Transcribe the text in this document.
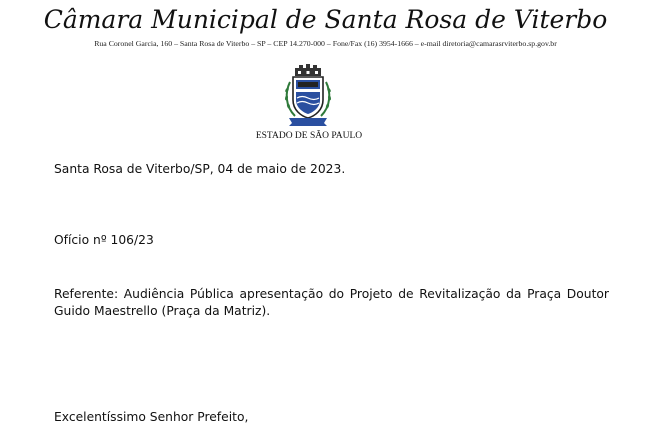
Câmara Municipal de Santa Rosa de Viterbo
Rua Coronel Garcia, 160 – Santa Rosa de Viterbo – SP – CEP 14.270-000 – Fone/Fax (16) 3954-1666 – e-mail diretoria@camarasrviterbo.sp.gov.br
ESTADO DE SÃO PAULO
Santa Rosa de Viterbo/SP, 04 de maio de 2023.
Ofício nº 106/23
Referente: Audiência Pública apresentação do Projeto de Revitalização da Praça Doutor Guido Maestrello (Praça da Matriz).
Excelentíssimo Senhor Prefeito,
